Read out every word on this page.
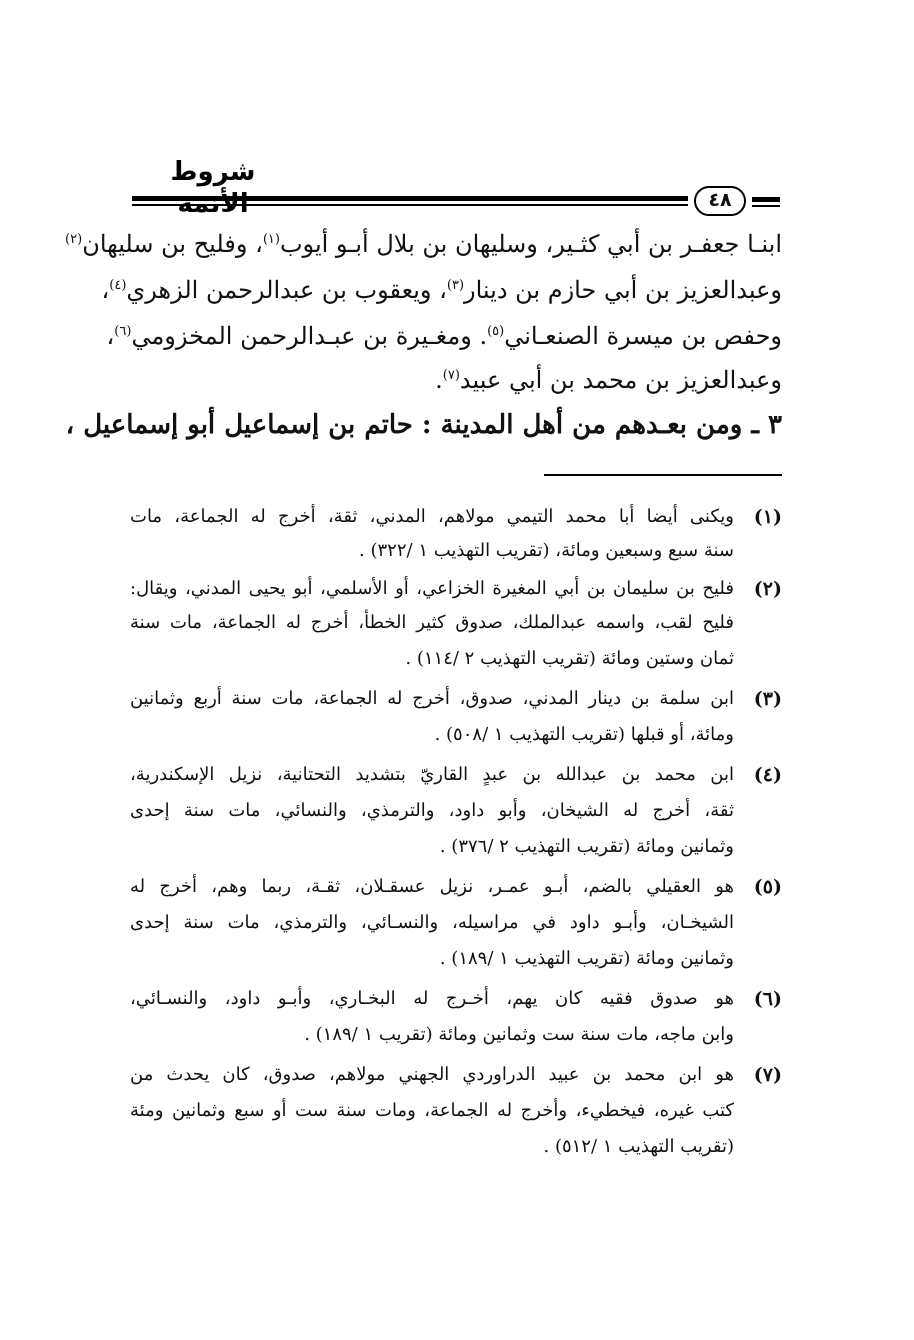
شروط
٤٨
ابنـا جعفـر بن أبي كثـير، وسليهان بن بلال أبـو أيوب$^{(١)}$، وفليح بن سليهان$^{(٢)}$
وعبدالعزيز بن أبي حازم بن دينار$^{(٣)}$، ويعقوب بن عبدالرحمن الزهري$^{(٤)}$،
وحفص بن ميسرة الصنعـاني$^{(٥)}$. ومغـيرة بن عبـدالرحمن المخزومي$^{(٦)}$،
وعبدالعزيز بن محمد بن أبي عبيد$^{(٧)}$.
٣ ـ ومن بعـدهم من أهل المدينة : حاتم بن إسماعيل أبو إسماعيل ،
(١)
ويكنى أيضا أبا محمد التيمي مولاهم، المدني، ثقة، أخرج له الجماعة، مات
سنة سبع وسبعين ومائة، (تقريب التهذيب ١ /٣٢٢) .
(٢)
فليح بن سليمان بن أبي المغيرة الخزاعي، أو الأسلمي، أبو يحيى المدني، ويقال:
فليح لقب، واسمه عبدالملك، صدوق كثير الخطأ، أخرج له الجماعة، مات سنة
ثمان وستين ومائة (تقريب التهذيب ٢ /١١٤) .
(٣)
ابن سلمة بن دينار المدني، صدوق، أخرج له الجماعة، مات سنة أربع وثمانين
ومائة، أو قبلها (تقريب التهذيب ١ /٥٠٨) .
(٤)
ابن محمد بن عبدالله بن عبدٍ القاريّ بتشديد التحتانية، نزيل الإسكندرية،
ثقة، أخرج له الشيخان، وأبو داود، والترمذي، والنسائي، مات سنة إحدى
وثمانين ومائة (تقريب التهذيب ٢ /٣٧٦) .
(٥)
هو العقيلي بالضم، أبـو عمـر، نزيل عسقـلان، ثقـة، ربما وهم، أخرج له
الشيخـان، وأبـو داود في مراسيله، والنسـائي، والترمذي، مات سنة إحدى
وثمانين ومائة (تقريب التهذيب ١ /١٨٩) .
(٦)
هو صدوق فقيه كان يهم، أخـرج له البخـاري، وأبـو داود، والنسـائي،
وابن ماجه، مات سنة ست وثمانين ومائة (تقريب ١ /١٨٩) .
(٧)
هو ابن محمد بن عبيد الدراوردي الجهني مولاهم، صدوق، كان يحدث من
كتب غيره، فيخطيء، وأخرج له الجماعة، ومات سنة ست أو سبع وثمانين ومئة
(تقريب التهذيب ١ /٥١٢) .
